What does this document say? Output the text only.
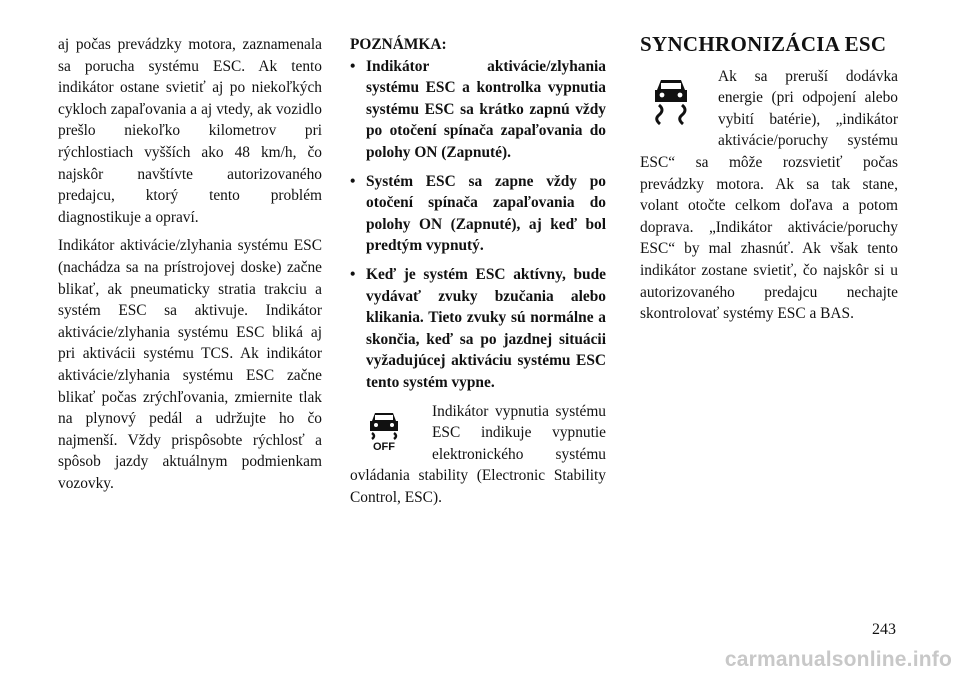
aj počas prevádzky motora, zaznamenala sa porucha systému ESC. Ak tento indikátor ostane svietiť aj po niekoľkých cykloch zapaľovania a aj vtedy, ak vozidlo prešlo niekoľko kilometrov pri rýchlostiach vyšších ako 48 km/h, čo najskôr navštívte autorizovaného predajcu, ktorý tento problém diagnostikuje a opraví.

Indikátor aktivácie/zlyhania systému ESC (nachádza sa na prístrojovej doske) začne blikať, ak pneumaticky stratia trakciu a systém ESC sa aktivuje. Indikátor aktivácie/zlyhania systému ESC bliká aj pri aktivácii systému TCS. Ak indikátor aktivácie/zlyhania systému ESC začne blikať počas zrýchľovania, zmiernite tlak na plynový pedál a udržujte ho čo najmenší. Vždy prispôsobte rýchlosť a spôsob jazdy aktuálnym podmienkam vozovky.

POZNÁMKA:

• Indikátor aktivácie/zlyhania systému ESC a kontrolka vypnutia systému ESC sa krátko zapnú vždy po otočení spínača zapaľovania do polohy ON (Zapnuté).
• Systém ESC sa zapne vždy po otočení spínača zapaľovania do polohy ON (Zapnuté), aj keď bol predtým vypnutý.
• Keď je systém ESC aktívny, bude vydávať zvuky bzučania alebo klikania. Tieto zvuky sú normálne a skončia, keď sa po jazdnej situácii vyžadujúcej aktiváciu systému ESC tento systém vypne.
OFF

Indikátor vypnutia systému ESC indikuje vypnutie elektronického systému ovládania stability (Electronic Stability Control, ESC).

SYNCHRONIZÁCIA ESC

Ak sa preruší dodávka energie (pri odpojení alebo vybití batérie), „indikátor aktivácie/poruchy systému ESC“ sa môže rozsvietiť počas prevádzky motora. Ak sa tak stane, volant otočte celkom doľava a potom doprava. „Indikátor aktivácie/poruchy ESC“ by mal zhasnúť. Ak však tento indikátor zostane svietiť, čo najskôr si u autorizovaného predajcu nechajte skontrolovať systémy ESC a BAS.

243
carmanualsonline.info
